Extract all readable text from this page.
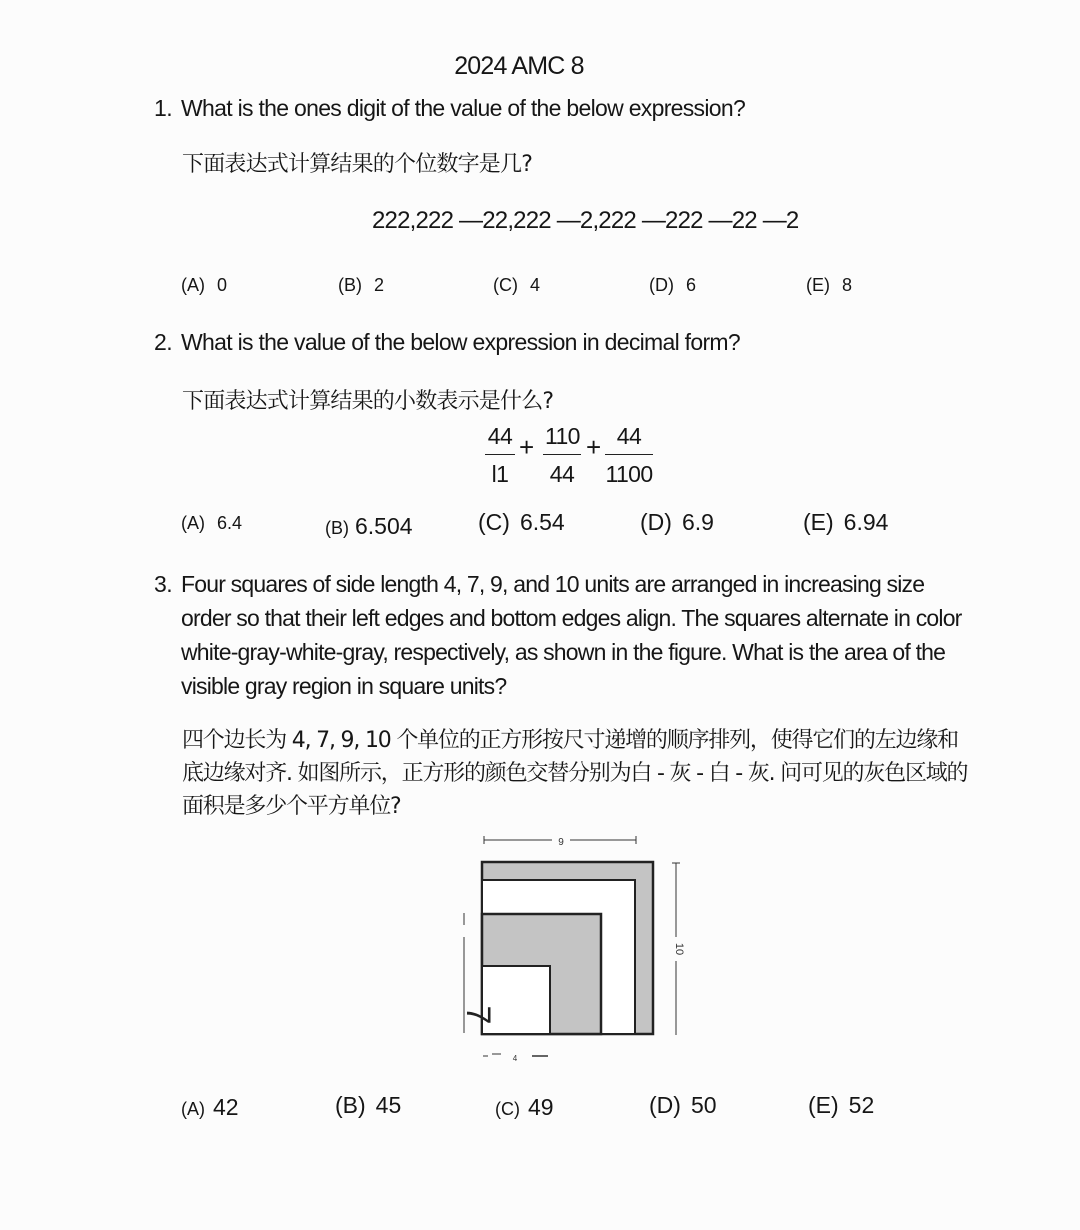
2024 AMC 8
1. What is the ones digit of the value of the below expression?
下面表达式计算结果的个位数字是几?
222,222 —22,222 —2,222 —222 —22 —2
(A) 0	(B) 2	(C) 4	(D) 6	(E) 8
2. What is the value of the below expression in decimal form?
下面表达式计算结果的小数表示是什么?
$\frac{44}{l1} + \frac{110}{44} + \frac{44}{1100}$
(A) 6.4	(B) 6.504	(C) 6.54	(D) 6.9	(E) 6.94
3. Four squares of side length 4, 7, 9, and 10 units are arranged in increasing size order so that their left edges and bottom edges align. The squares alternate in color white-gray-white-gray, respectively, as shown in the figure. What is the area of the visible gray region in square units?
四个边长为 4, 7, 9, 10 个单位的正方形按尺寸递增的顺序排列，使得它们的左边缘和底边缘对齐. 如图所示，正方形的颜色交替分别为白 - 灰 - 白 - 灰. 问可见的灰色区域的面积是多少个平方单位?
9
10
7
4
(A) 42	(B) 45	(C) 49	(D) 50	(E) 52
